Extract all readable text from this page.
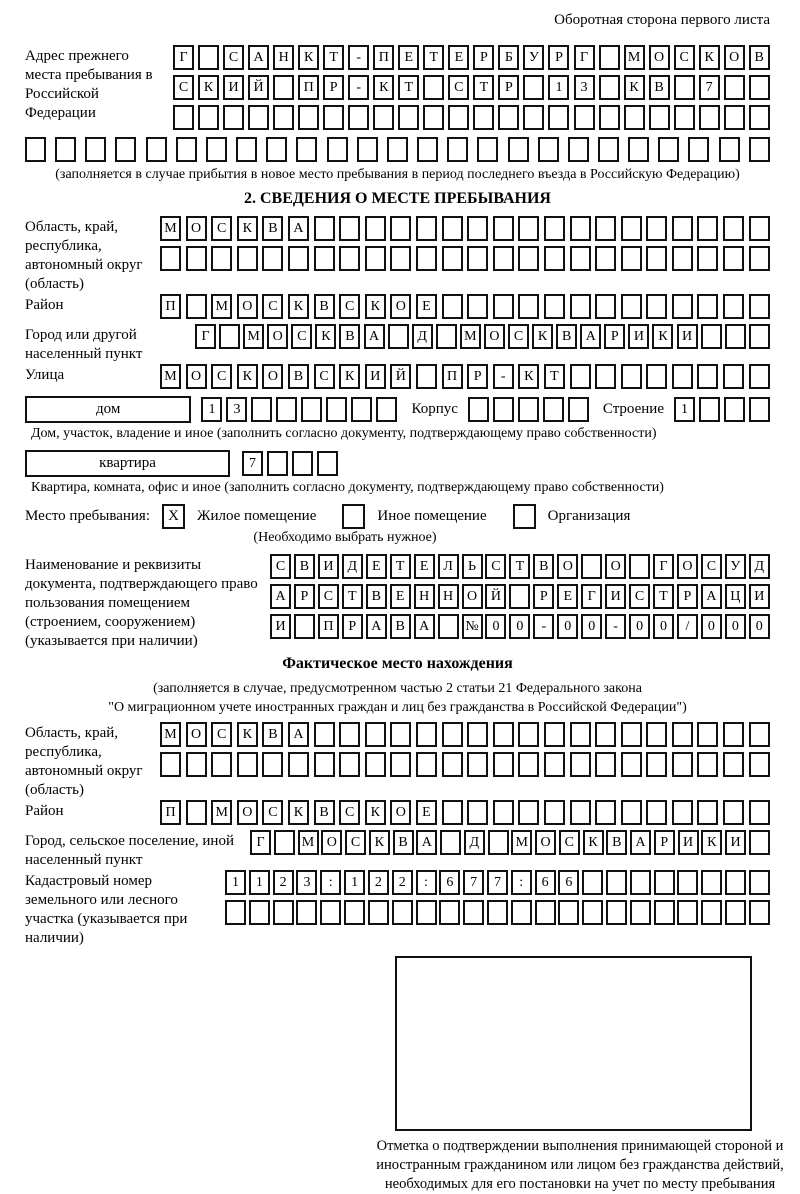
Оборотная сторона первого листа
Адрес прежнего места пребывания в Российской Федерации
Г	С	А	Н	К	Т	-	П	Е	Т	Е	Р	Б	У	Р	Г	М О	С	К	О	В
С	К	И	Й	П	Р	-	К	Т	С	Т	Р	1	3	К	В	7
(заполняется в случае прибытия в новое место пребывания в период последнего въезда в Российскую Федерацию)
2. СВЕДЕНИЯ О МЕСТЕ ПРЕБЫВАНИЯ
Область, край, республика, автономный округ (область)
М	О	С	К	В	А
Район	П	М	О	С	К	В	С	К	О	Е
Город или другой населенный пункт
Г	М О	С	К	В	А	Д	М О	С	К	В	А	Р	И	К	И
Улица	М	О	С	К	О	В	С	К	И	Й	П	Р	-	К	Т
дом	1	3	Корпус	Строение	1
Дом, участок, владение и иное (заполнить согласно документу, подтверждающему право собственности)
квартира	7
Квартира, комната, офис и иное (заполнить согласно документу, подтверждающему право собственности)
Место пребывания:	X	Жилое помещение	Иное помещение	Организация
(Необходимо выбрать нужное)
Наименование и реквизиты документа, подтверждающего право пользования помещением (строением, сооружением) (указывается при наличии)
С	В	И	Д	Е	Т	Е	Л	Ь	С	Т	В	О	О	Г	О	С	У	Д
А	Р	С	Т	В	Е	Н Н О Й	Р	Е	Г	И	С	Т	Р	А Ц И
И	П	Р	А	В	А	№ 0	0	-	0	0	-	0	0	/	0	0	0
Фактическое место нахождения
(заполняется в случае, предусмотренном частью 2 статьи 21 Федерального закона
"О миграционном учете иностранных граждан и лиц без гражданства в Российской Федерации")
Область, край, республика, автономный округ (область)
М	О	С	К	В	А
Район	П	М	О	С	К	В	С	К	О	Е
Город, сельское поселение, иной населенный пункт
Г	М О	С	К	В	А	Д	М О	С	К	В	А	Р	И	К	И
Кадастровый номер земельного или лесного участка (указывается при наличии)
1	1	2	3	:	1	2	2	:	6	7	7	:	6	6
Отметка о подтверждении выполнения принимающей стороной и иностранным гражданином или лицом без гражданства действий, необходимых для его постановки на учет по месту пребывания
